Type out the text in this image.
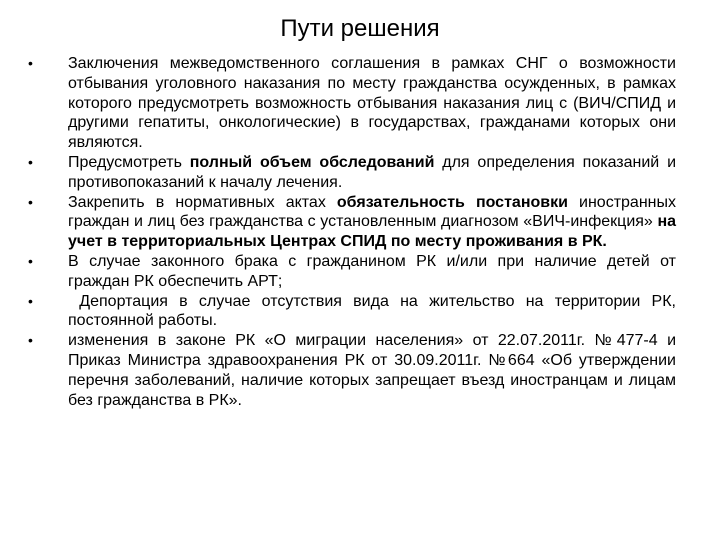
Пути решения
•	Заключения межведомственного соглашения в рамках СНГ о возможности отбывания уголовного наказания по месту гражданства осужденных, в рамках которого предусмотреть возможность отбывания наказания лиц с (ВИЧ/СПИД и другими гепатиты, онкологические) в государствах, гражданами которых они являются.
•	Предусмотреть полный объем обследований для определения показаний и противопоказаний к началу лечения.
•	Закрепить в нормативных актах обязательность постановки иностранных граждан и лиц без гражданства с установленным диагнозом «ВИЧ-инфекция» на учет в территориальных Центрах СПИД по месту проживания в РК.
•	В случае законного брака с гражданином РК и/или при наличие детей от граждан РК обеспечить АРТ;
•	Депортация в случае отсутствия вида на жительство на территории РК, постоянной работы.
•	изменения в законе РК «О миграции населения» от 22.07.2011г. №477-4 и Приказ Министра здравоохранения РК от 30.09.2011г. №664 «Об утверждении перечня заболеваний, наличие которых запрещает въезд иностранцам и лицам без гражданства в РК».
